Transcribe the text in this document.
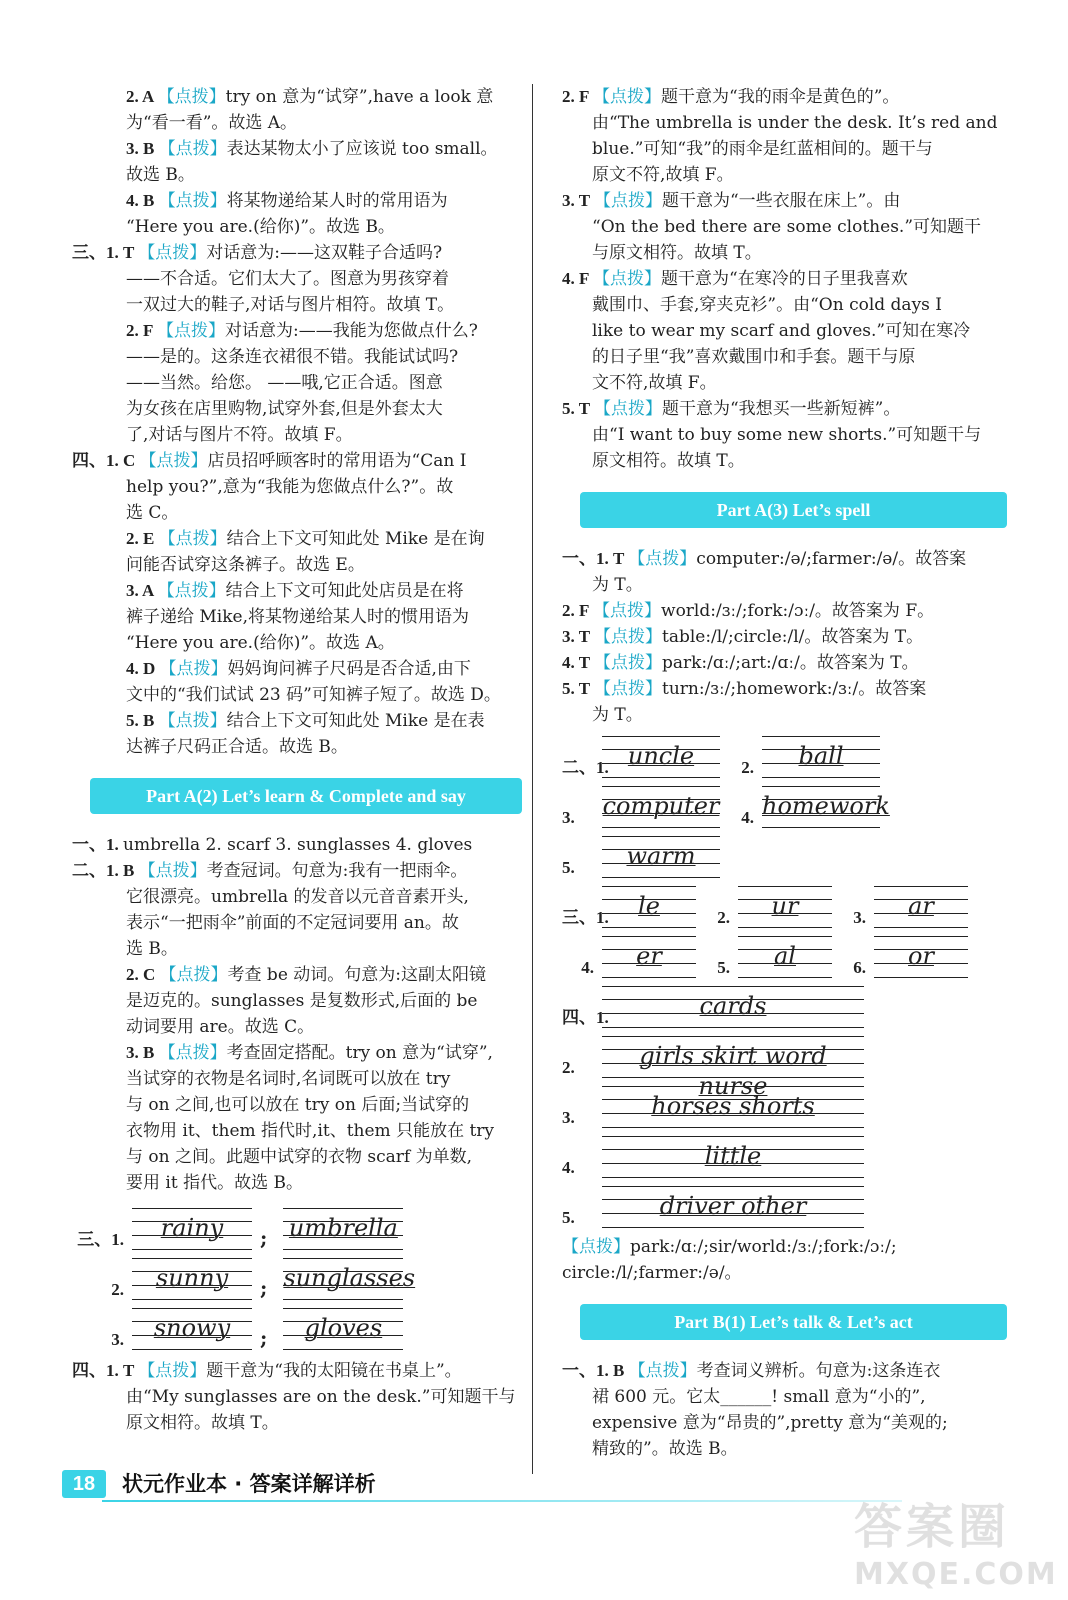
2. A 【点拨】try on 意为“试穿”,have a look 意
为“看一看”。故选 A。
3. B 【点拨】表达某物太小了应该说 too small。
故选 B。
4. B 【点拨】将某物递给某人时的常用语为
“Here you are.(给你)”。故选 B。
三、1. T 【点拨】对话意为:——这双鞋子合适吗?
——不合适。它们太大了。图意为男孩穿着
一双过大的鞋子,对话与图片相符。故填 T。
2. F 【点拨】对话意为:——我能为您做点什么?
——是的。这条连衣裙很不错。我能试试吗?
——当然。给您。 ——哦,它正合适。图意
为女孩在店里购物,试穿外套,但是外套太大
了,对话与图片不符。故填 F。
四、1. C 【点拨】店员招呼顾客时的常用语为“Can I
help you?”,意为“我能为您做点什么?”。故
选 C。
2. E 【点拨】结合上下文可知此处 Mike 是在询
问能否试穿这条裤子。故选 E。
3. A 【点拨】结合上下文可知此处店员是在将
裤子递给 Mike,将某物递给某人时的惯用语为
“Here you are.(给你)”。故选 A。
4. D 【点拨】妈妈询问裤子尺码是否合适,由下
文中的“我们试试 23 码”可知裤子短了。故选 D。
5. B 【点拨】结合上下文可知此处 Mike 是在表
达裤子尺码正合适。故选 B。
Part A(2) Let’s learn & Complete and say
一、1. umbrella 2. scarf 3. sunglasses 4. gloves
二、1. B 【点拨】考查冠词。句意为:我有一把雨伞。
它很漂亮。umbrella 的发音以元音音素开头,
表示“一把雨伞”前面的不定冠词要用 an。故
选 B。
2. C 【点拨】考查 be 动词。句意为:这副太阳镜
是迈克的。sunglasses 是复数形式,后面的 be
动词要用 are。故选 C。
3. B 【点拨】考查固定搭配。try on 意为“试穿”,
当试穿的衣物是名词时,名词既可以放在 try
与 on 之间,也可以放在 try on 后面;当试穿的
衣物用 it、them 指代时,it、them 只能放在 try
与 on 之间。此题中试穿的衣物 scarf 为单数,
要用 it 指代。故选 B。
三、1.	rainy	; umbrella
2.	sunny	; sunglasses
3.	snowy	;	gloves
四、1. T 【点拨】题干意为“我的太阳镜在书桌上”。
由“My sunglasses are on the desk.”可知题干与
原文相符。故填 T。
2. F 【点拨】题干意为“我的雨伞是黄色的”。
由“The umbrella is under the desk. It’s red and
blue.”可知“我”的雨伞是红蓝相间的。题干与
原文不符,故填 F。
3. T 【点拨】题干意为“一些衣服在床上”。由
“On the bed there are some clothes.”可知题干
与原文相符。故填 T。
4. F 【点拨】题干意为“在寒冷的日子里我喜欢
戴围巾、手套,穿夹克衫”。由“On cold days I
like to wear my scarf and gloves.”可知在寒冷
的日子里“我”喜欢戴围巾和手套。题干与原
文不符,故填 F。
5. T 【点拨】题干意为“我想买一些新短裤”。
由“I want to buy some new shorts.”可知题干与
原文相符。故填 T。
Part A(3) Let’s spell
一、1. T 【点拨】computer:/ə/;farmer:/ə/。故答案
为 T。
2. F 【点拨】world:/ɜː/;fork:/ɔː/。故答案为 F。
3. T 【点拨】table:/l/;circle:/l/。故答案为 T。
4. T 【点拨】park:/ɑː/;art:/ɑː/。故答案为 T。
5. T 【点拨】turn:/ɜː/;homework:/ɜː/。故答案
为 T。
二、1. uncle	2.	ball
3.	computer	4. homework
5.	warm
三、1.	le	2.	ur	3.	ar
4.	er	5.	al	6.	or
四、1.	cards
2.	girls skirt word nurse
3.	horses shorts
4.	little
5.	driver other
【点拨】park:/ɑː/;sir/world:/ɜː/;fork:/ɔː/;
circle:/l/;farmer:/ə/。
Part B(1) Let’s talk & Let’s act
一、1. B 【点拨】考查词义辨析。句意为:这条连衣
裙 600 元。它太______! small 意为“小的”,
expensive 意为“昂贵的”,pretty 意为“美观的;
精致的”。故选 B。
18	状元作业本 · 答案详解详析
答案圈
MXQE.COM
